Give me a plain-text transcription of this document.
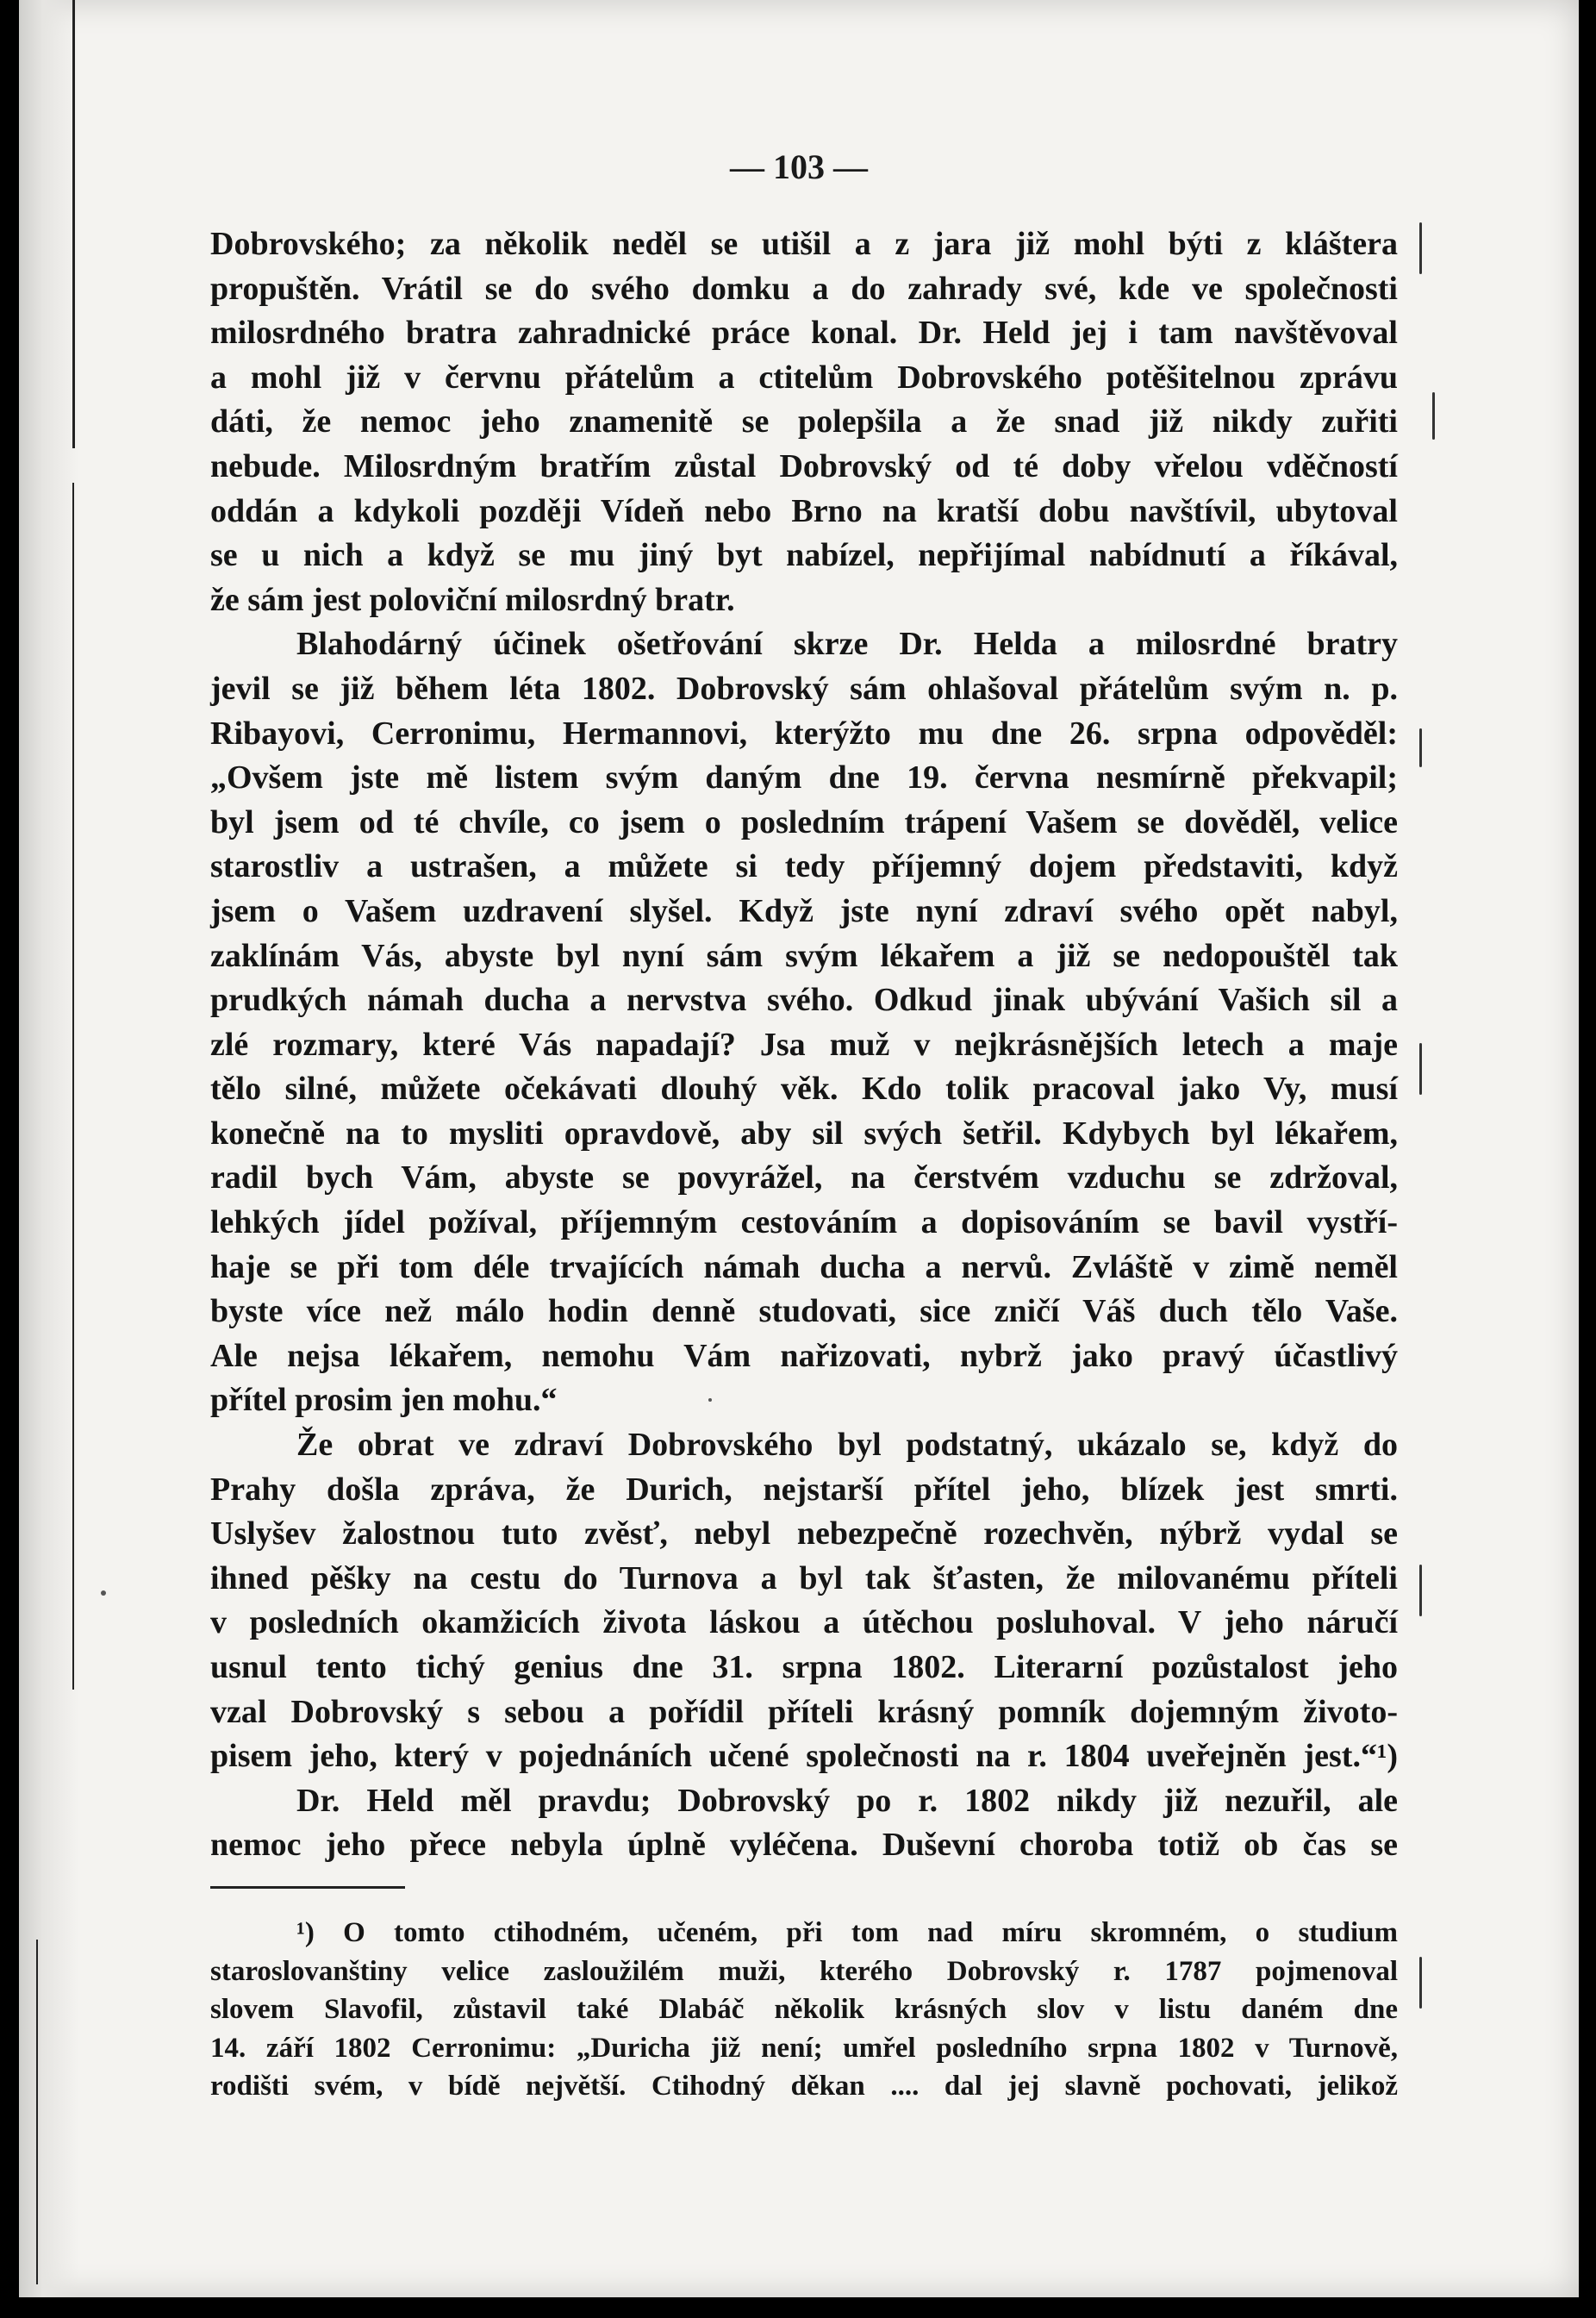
— 103 —

Dobrovského; za několik neděl se utišil a z jara již mohl býti z kláštera
propuštěn. Vrátil se do svého domku a do zahrady své, kde ve společnosti
milosrdného bratra zahradnické práce konal. Dr. Held jej i tam navštěvoval
a mohl již v červnu přátelům a ctitelům Dobrovského potěšitelnou zprávu
dáti, že nemoc jeho znamenitě se polepšila a že snad již nikdy zuřiti
nebude. Milosrdným bratřím zůstal Dobrovský od té doby vřelou vděčností
oddán a kdykoli později Vídeň nebo Brno na kratší dobu navštívil, ubytoval
se u nich a když se mu jiný byt nabízel, nepřijímal nabídnutí a říkával,

že sám jest poloviční milosrdný bratr.

Blahodárný účinek ošetřování skrze Dr. Helda a milosrdné bratry
jevil se již během léta 1802. Dobrovský sám ohlašoval přátelům svým n. p.

Ribayovi, Cerronimu, Hermannovi, kterýžto mu dne 26. srpna odpověděl:
„Ovšem jste mě listem svým daným dne 19. června nesmírně překvapil;
byl jsem od té chvíle, co jsem o posledním trápení Vašem se dověděl, velice
starostliv a ustrašen, a můžete si tedy příjemný dojem představiti, když
jsem o Vašem uzdravení slyšel. Když jste nyní zdraví svého opět nabyl,
zaklínám Vás, abyste byl nyní sám svým lékařem a již se nedopouštěl tak
prudkých námah ducha a nervstva svého. Odkud jinak ubývání Vašich sil a
zlé rozmary, které Vás napadají? Jsa muž v nejkrásnějších letech a maje
tělo silné, můžete očekávati dlouhý věk. Kdo tolik pracoval jako Vy, musí
konečně na to mysliti opravdově, aby sil svých šetřil. Kdybych byl lékařem,
radil bych Vám, abyste se povyrážel, na čerstvém vzduchu se zdržoval,
lehkých jídel požíval, příjemným cestováním a dopisováním se bavil vystří-
haje se při tom déle trvajících námah ducha a nervů. Zvláště v zimě neměl
byste více než málo hodin denně studovati, sice zničí Váš duch tělo Vaše.
Ale nejsa lékařem, nemohu Vám nařizovati, nybrž jako pravý účastlivý

přítel prosim jen mohu.“

Že obrat ve zdraví Dobrovského byl podstatný, ukázalo se, když do

Prahy došla zpráva, že Durich, nejstarší přítel jeho, blízek jest smrti.
Uslyšev žalostnou tuto zvěsť, nebyl nebezpečně rozechvěn, nýbrž vydal se
ihned pěšky na cestu do Turnova a byl tak šťasten, že milovanému příteli
v posledních okamžicích života láskou a útěchou posluhoval. V jeho náručí
usnul tento tichý genius dne 31. srpna 1802. Literarní pozůstalost jeho
vzal Dobrovský s sebou a pořídil příteli krásný pomník dojemným životo-
pisem jeho, který v pojednáních učené společnosti na r. 1804 uveřejněn jest.“¹)

Dr. Held měl pravdu; Dobrovský po r. 1802 nikdy již nezuřil, ale

nemoc jeho přece nebyla úplně vyléčena. Duševní choroba totiž ob čas se

¹) O tomto ctihodném, učeném, při tom nad míru skromném, o studium

staroslovanštiny velice zasloužilém muži, kterého Dobrovský r. 1787 pojmenoval

slovem Slavofil, zůstavil také Dlabáč několik krásných slov v listu daném dne

14. září 1802 Cerronimu: „Duricha již není; umřel posledního srpna 1802 v Turnově,

rodišti svém, v bídě největší. Ctihodný děkan .... dal jej slavně pochovati, jelikož
